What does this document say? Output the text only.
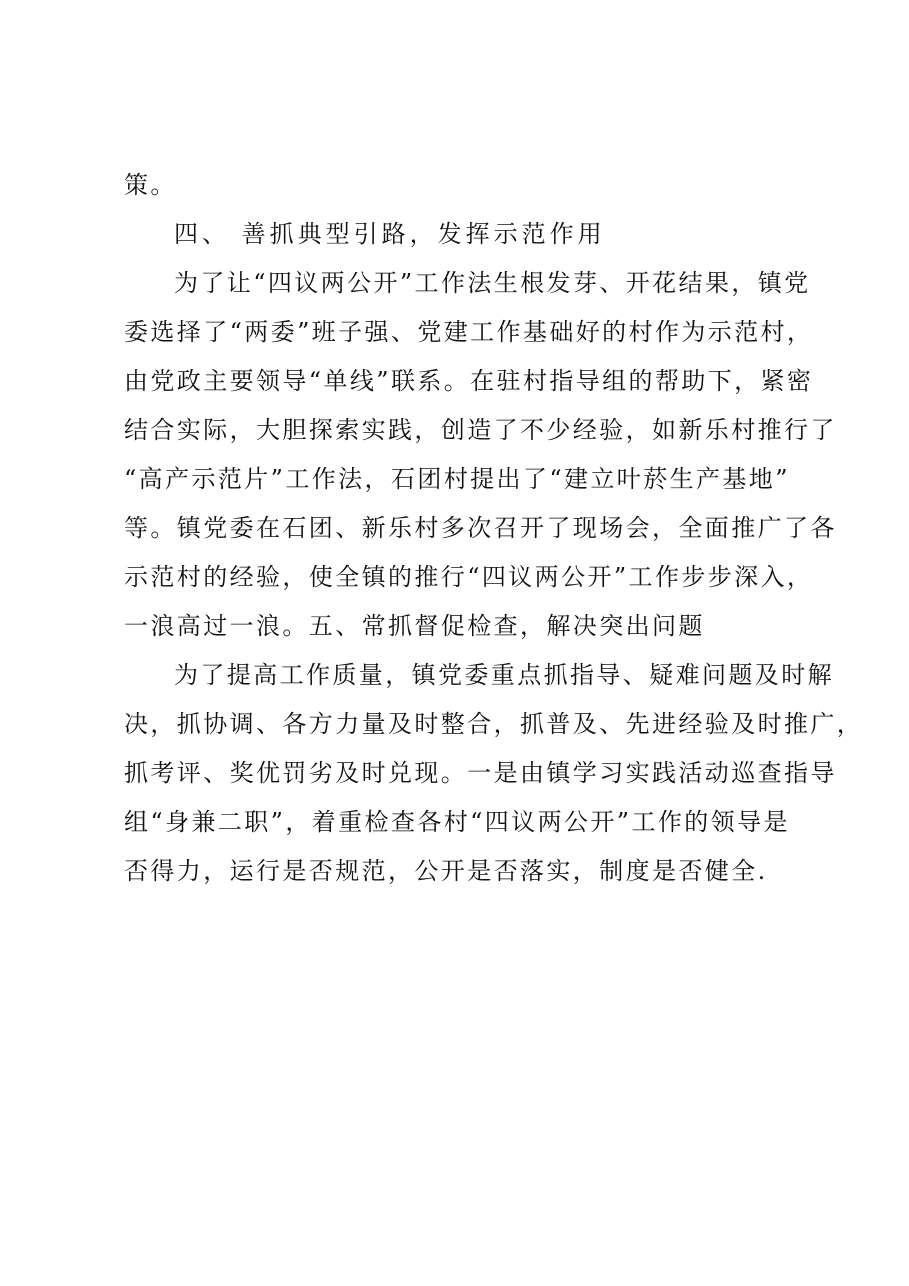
策。
四、 善抓典型引路，发挥示范作用
为了让“四议两公开”工作法生根发芽、开花结果，镇党
委选择了“两委”班子强、党建工作基础好的村作为示范村，
由党政主要领导“单线”联系。在驻村指导组的帮助下，紧密
结合实际，大胆探索实践，创造了不少经验，如新乐村推行了
“高产示范片”工作法，石团村提出了“建立叶菸生产基地”
等。镇党委在石团、新乐村多次召开了现场会，全面推广了各
示范村的经验，使全镇的推行“四议两公开”工作步步深入，
一浪高过一浪。五、常抓督促检查，解决突出问题
为了提高工作质量，镇党委重点抓指导、疑难问题及时解
决，抓协调、各方力量及时整合，抓普及、先进经验及时推广，
抓考评、奖优罚劣及时兑现。一是由镇学习实践活动巡查指导
组“身兼二职”，着重检查各村“四议两公开”工作的领导是
否得力，运行是否规范，公开是否落实，制度是否健全.
